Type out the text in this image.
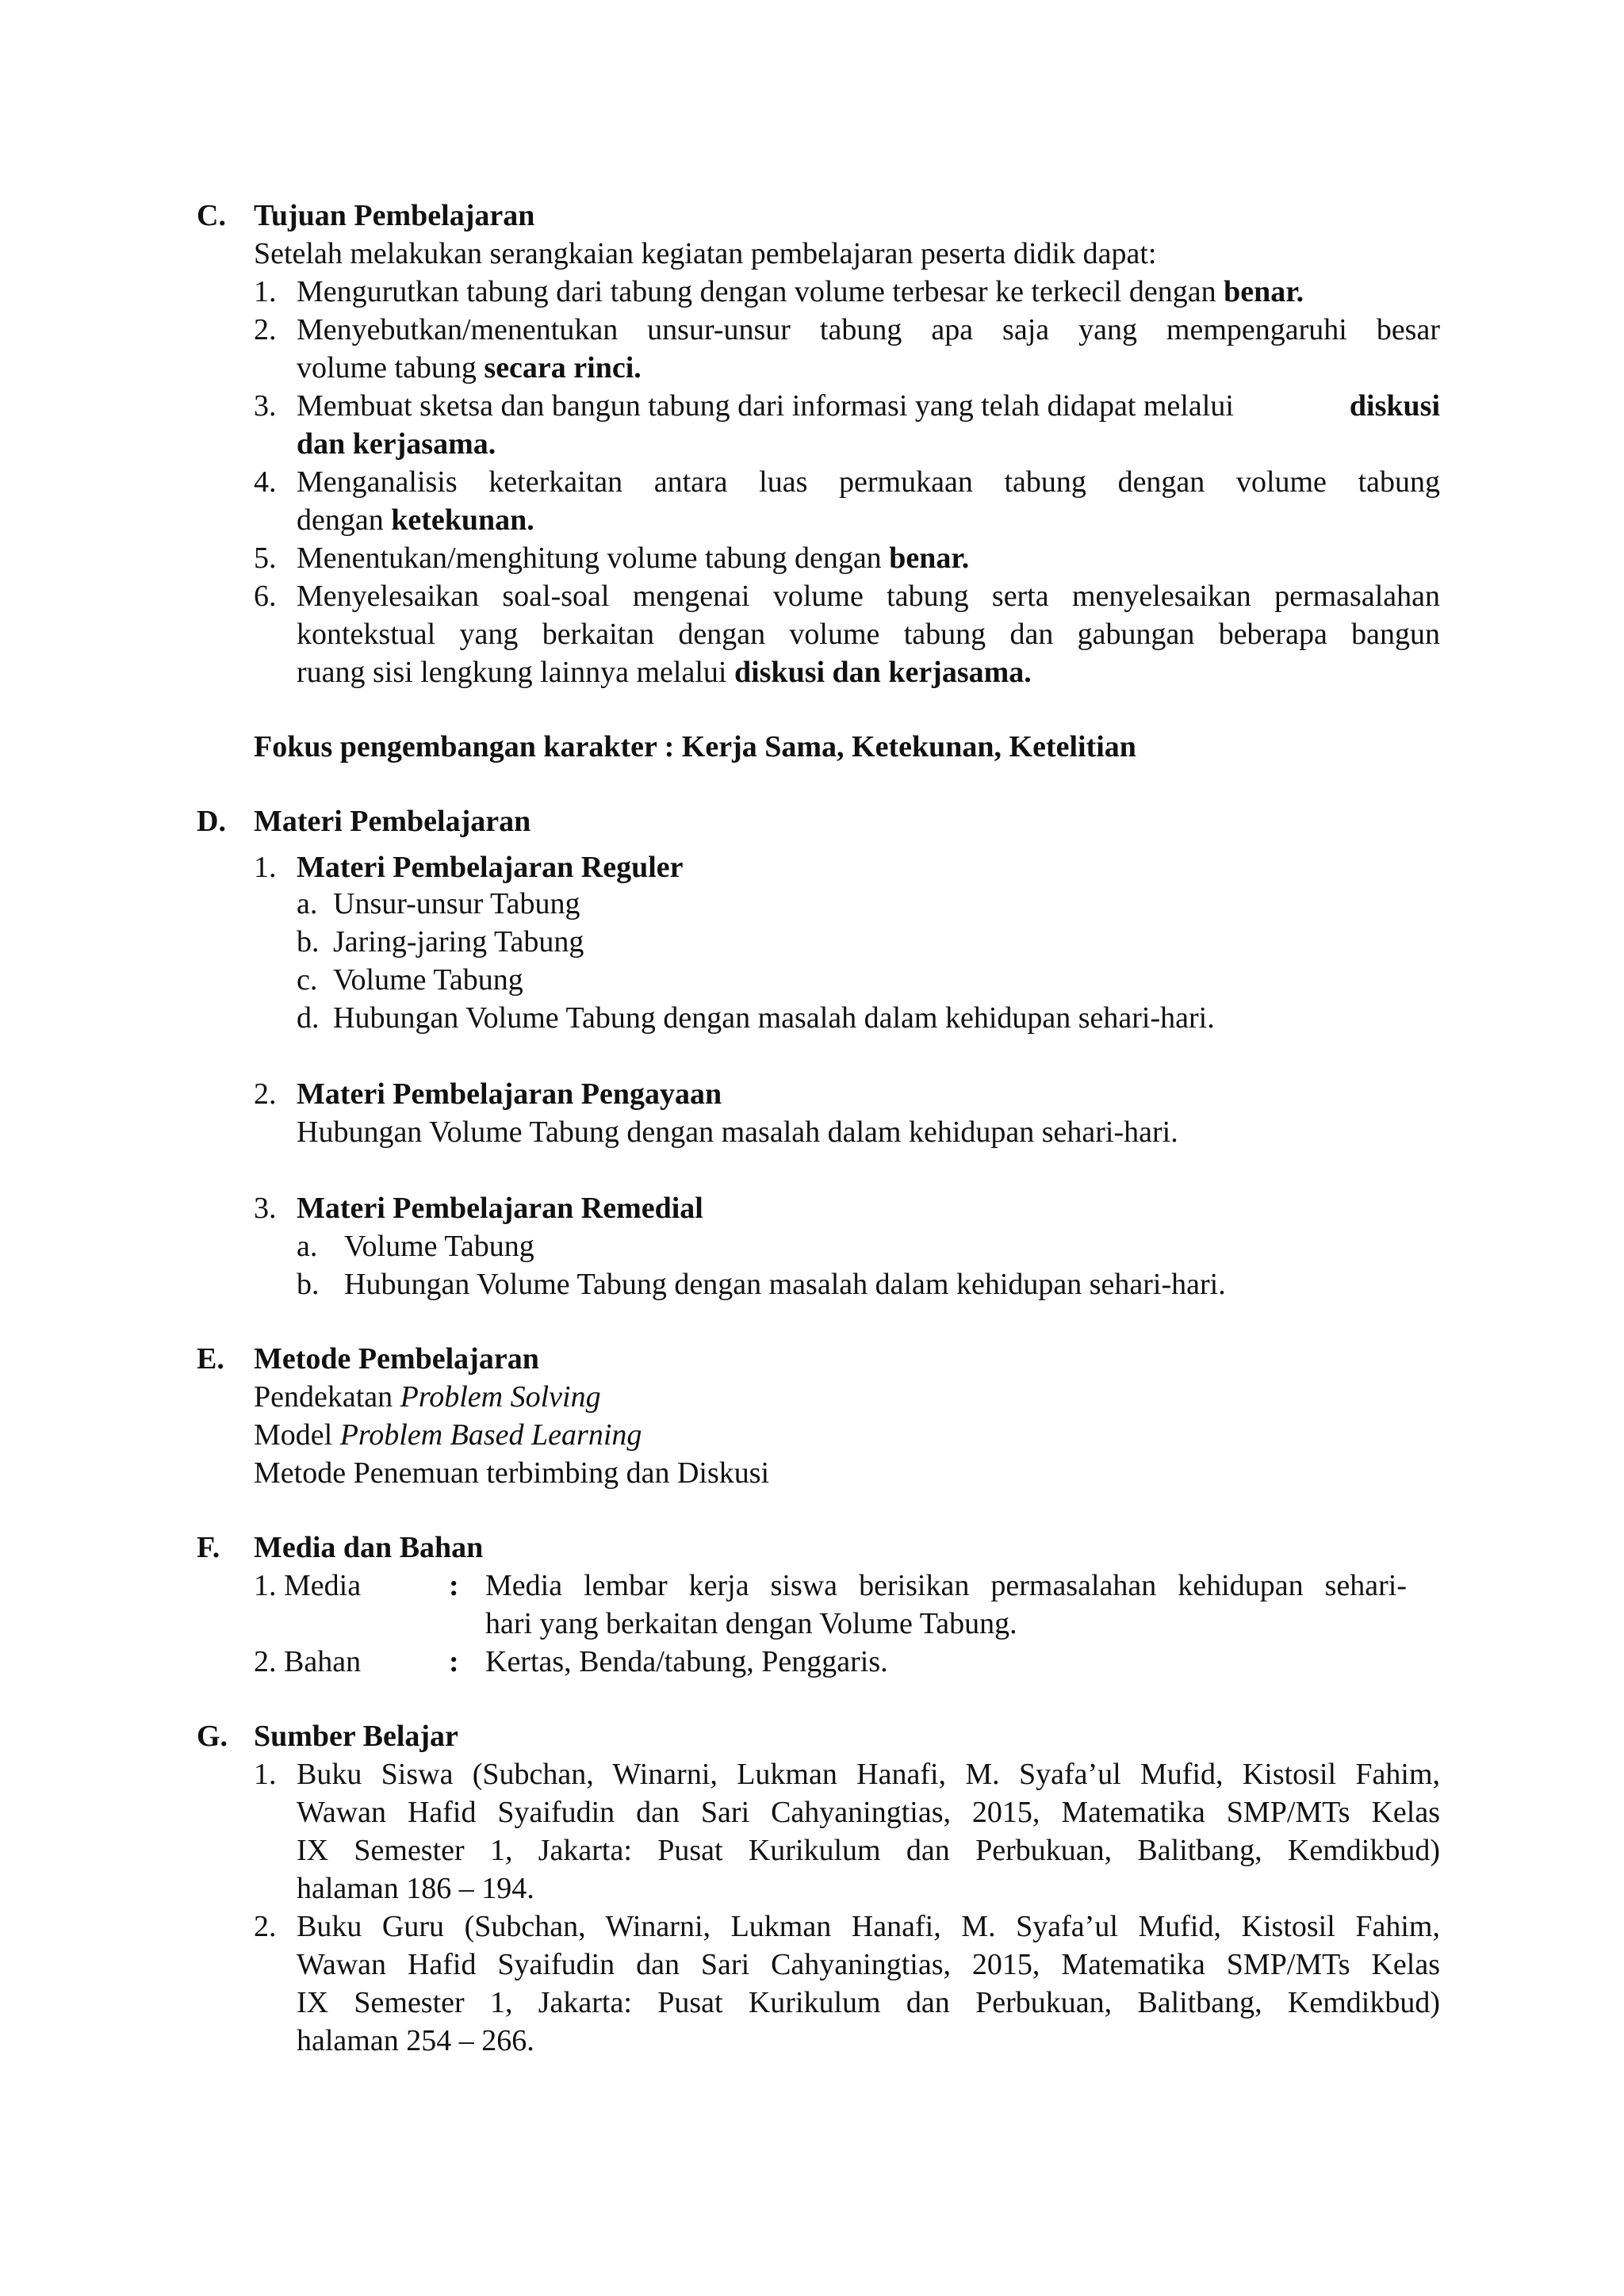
C. Tujuan Pembelajaran
Setelah melakukan serangkaian kegiatan pembelajaran peserta didik dapat:
1. Mengurutkan tabung dari tabung dengan volume terbesar ke terkecil dengan benar.
2. Menyebutkan/menentukan unsur-unsur tabung apa saja yang mempengaruhi besar
volume tabung secara rinci.
3. Membuat sketsa dan bangun tabung dari informasi yang telah didapat melalui	diskusi
dan kerjasama.
4. Menganalisis keterkaitan antara luas permukaan tabung dengan volume tabung
dengan ketekunan.
5. Menentukan/menghitung volume tabung dengan benar.
6. Menyelesaikan soal-soal mengenai volume tabung serta menyelesaikan permasalahan
kontekstual yang berkaitan dengan volume tabung dan gabungan beberapa bangun
ruang sisi lengkung lainnya melalui diskusi dan kerjasama.
Fokus pengembangan karakter : Kerja Sama, Ketekunan, Ketelitian
D. Materi Pembelajaran
1. Materi Pembelajaran Reguler
a. Unsur-unsur Tabung
b. Jaring-jaring Tabung
c. Volume Tabung
d. Hubungan Volume Tabung dengan masalah dalam kehidupan sehari-hari.
2. Materi Pembelajaran Pengayaan
Hubungan Volume Tabung dengan masalah dalam kehidupan sehari-hari.
3. Materi Pembelajaran Remedial
a. Volume Tabung
b. Hubungan Volume Tabung dengan masalah dalam kehidupan sehari-hari.
E. Metode Pembelajaran
Pendekatan Problem Solving
Model Problem Based Learning
Metode Penemuan terbimbing dan Diskusi
F. Media dan Bahan
1. Media	: Media lembar kerja siswa berisikan permasalahan kehidupan sehari-
hari yang berkaitan dengan Volume Tabung.
2. Bahan	: Kertas, Benda/tabung, Penggaris.
G. Sumber Belajar
1. Buku Siswa (Subchan, Winarni, Lukman Hanafi, M. Syafa’ul Mufid, Kistosil Fahim,
Wawan Hafid Syaifudin dan Sari Cahyaningtias, 2015, Matematika SMP/MTs Kelas
IX Semester 1, Jakarta: Pusat Kurikulum dan Perbukuan, Balitbang, Kemdikbud)
halaman 186 – 194.
2. Buku Guru (Subchan, Winarni, Lukman Hanafi, M. Syafa’ul Mufid, Kistosil Fahim,
Wawan Hafid Syaifudin dan Sari Cahyaningtias, 2015, Matematika SMP/MTs Kelas
IX Semester 1, Jakarta: Pusat Kurikulum dan Perbukuan, Balitbang, Kemdikbud)
halaman 254 – 266.
